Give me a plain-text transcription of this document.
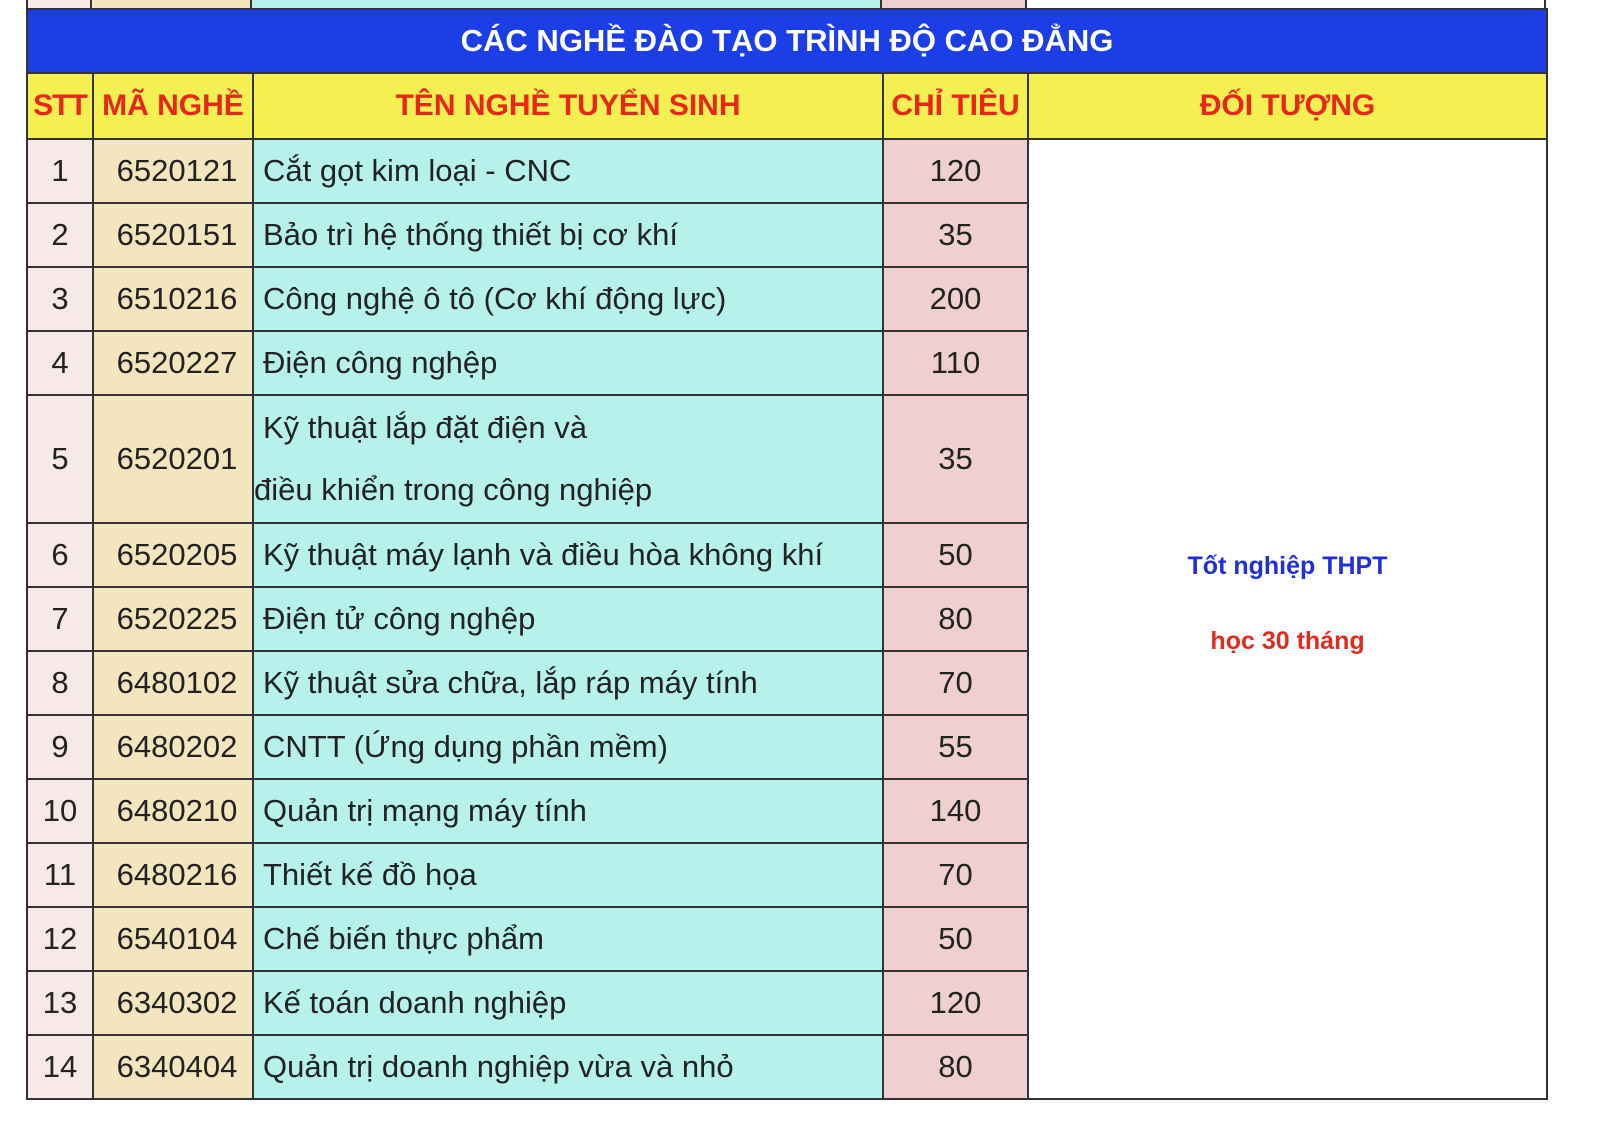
CÁC NGHỀ ĐÀO TẠO TRÌNH ĐỘ CAO ĐẲNG				
STT	MÃ NGHỀ	TÊN NGHỀ TUYỂN SINH	CHỈ TIÊU	ĐỐI TƯỢNG
1	6520121	Cắt gọt kim loại - CNC	120	Tốt nghiệp THPT
học 30 tháng

2	6520151	Bảo trì hệ thống thiết bị cơ khí	35	
3	6510216	Công nghệ ô tô (Cơ khí động lực)	200	
4	6520227	Điện công nghệp	110	
5	6520201	Kỹ thuật lắp đặt điện và
điều khiển trong công nghiệp	35	
6	6520205	Kỹ thuật máy lạnh và điều hòa không khí	50	
7	6520225	Điện tử công nghệp	80	
8	6480102	Kỹ thuật sửa chữa, lắp ráp máy tính	70	
9	6480202	CNTT (Ứng dụng phần mềm)	55	
10	6480210	Quản trị mạng máy tính	140	
11	6480216	Thiết kế đồ họa	70	
12	6540104	Chế biến thực phẩm	50	
13	6340302	Kế toán doanh nghiệp	120	
14	6340404	Quản trị doanh nghiệp vừa và nhỏ	80	
